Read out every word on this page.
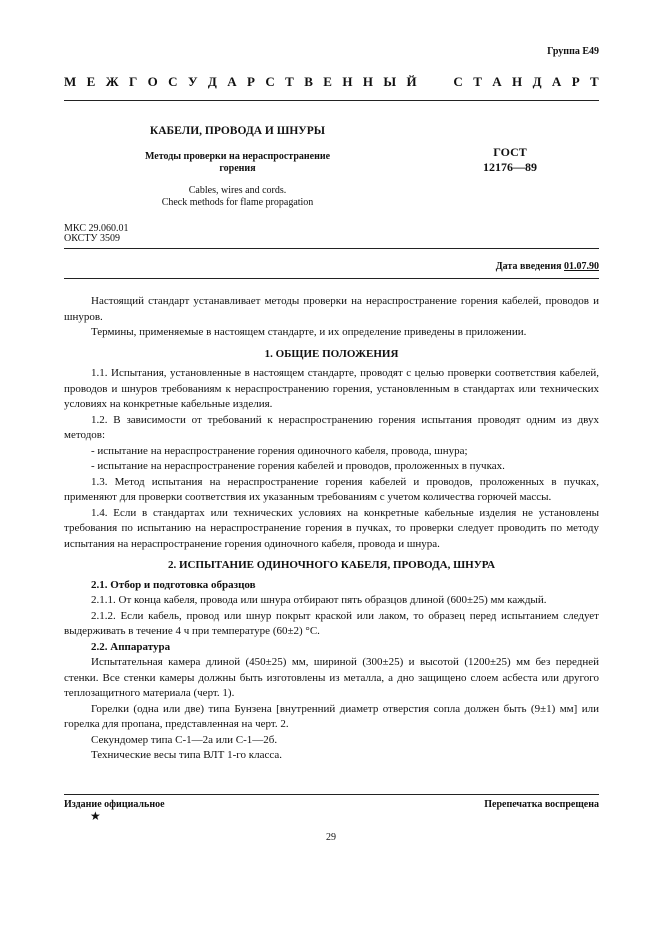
Группа Е49
М Е Ж Г О С У Д А Р С Т В Е Н Н Ы Й	С Т А Н Д А Р Т
КАБЕЛИ, ПРОВОДА И ШНУРЫ
Методы проверки на нераспространение
горения
Cables, wires and cords.
Check methods for flame propagation
ГОСТ
12176—89
МКС 29.060.01
ОКСТУ 3509
Дата введения 01.07.90

Настоящий стандарт устанавливает методы проверки на нераспространение горения кабелей, проводов и шнуров.

Термины, применяемые в настоящем стандарте, и их определение приведены в приложении.

1. ОБЩИЕ ПОЛОЖЕНИЯ

1.1. Испытания, установленные в настоящем стандарте, проводят с целью проверки соответствия кабелей, проводов и шнуров требованиям к нераспространению горения, установленным в стандартах или технических условиях на конкретные кабельные изделия.

1.2. В зависимости от требований к нераспространению горения испытания проводят одним из двух методов:

- испытание на нераспространение горения одиночного кабеля, провода, шнура;

- испытание на нераспространение горения кабелей и проводов, проложенных в пучках.

1.3. Метод испытания на нераспространение горения кабелей и проводов, проложенных в пучках, применяют для проверки соответствия их указанным требованиям с учетом количества горючей массы.

1.4. Если в стандартах или технических условиях на конкретные кабельные изделия не установлены требования по испытанию на нераспространение горения в пучках, то проверки следует проводить по методу испытания на нераспространение горения одиночного кабеля, провода и шнура.

2. ИСПЫТАНИЕ ОДИНОЧНОГО КАБЕЛЯ, ПРОВОДА, ШНУРА

2.1. Отбор и подготовка образцов

2.1.1. От конца кабеля, провода или шнура отбирают пять образцов длиной (600±25) мм каждый.

2.1.2. Если кабель, провод или шнур покрыт краской или лаком, то образец перед испытанием следует выдерживать в течение 4 ч при температуре (60±2) °С.

2.2. Аппаратура

Испытательная камера длиной (450±25) мм, шириной (300±25) и высотой (1200±25) мм без передней стенки. Все стенки камеры должны быть изготовлены из металла, а дно защищено слоем асбеста или другого теплозащитного материала (черт. 1).

Горелки (одна или две) типа Бунзена [внутренний диаметр отверстия сопла должен быть (9±1) мм] или горелка для пропана, представленная на черт. 2.

Секундомер типа С-1—2а или С-1—2б.

Технические весы типа ВЛТ 1-го класса.

Издание официальное	Перепечатка воспрещена
★
29
